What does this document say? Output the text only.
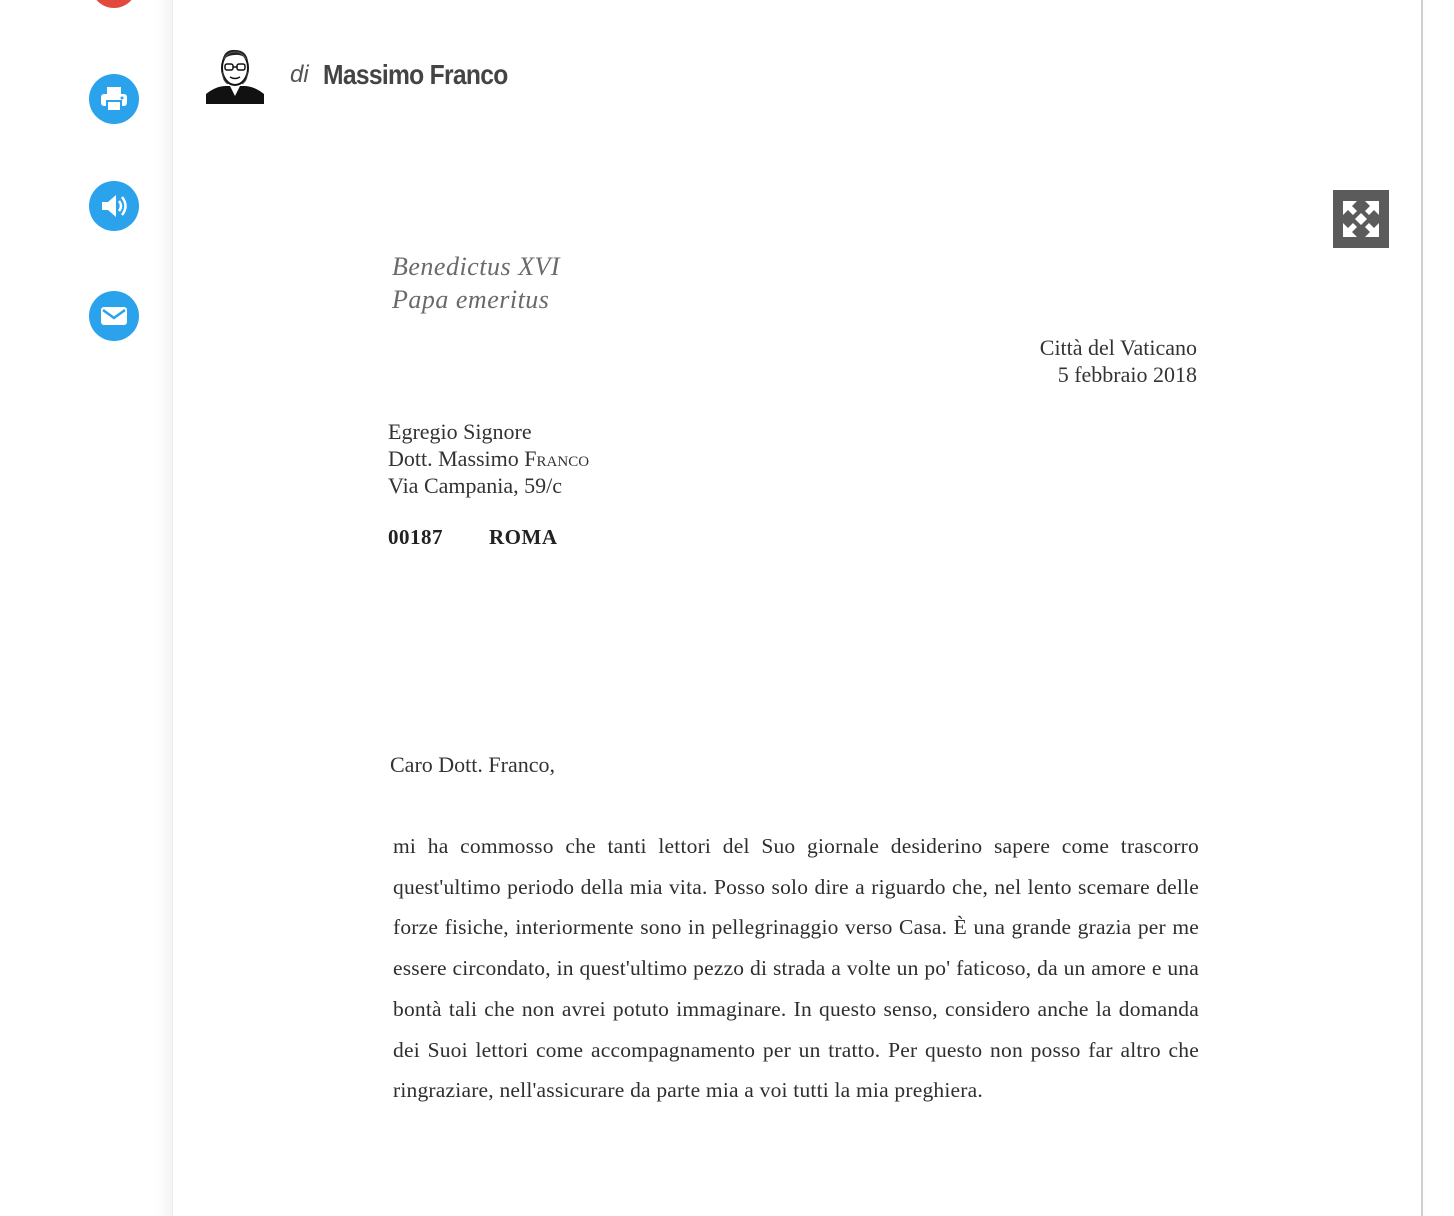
di Massimo Franco
Benedictus XVI
Papa emeritus
Città del Vaticano
5 febbraio 2018
Egregio Signore
Dott. Massimo Franco
Via Campania, 59/c
00187 ROMA
Caro Dott. Franco,
mi ha commosso che tanti lettori del Suo giornale desiderino sapere come trascorro quest'ultimo periodo della mia vita. Posso solo dire a riguardo che, nel lento scemare delle forze fisiche, interiormente sono in pellegrinaggio verso Casa. È una grande grazia per me essere circondato, in quest'ultimo pezzo di strada a volte un po' faticoso, da un amore e una bontà tali che non avrei potuto immaginare. In questo senso, considero anche la domanda dei Suoi lettori come accompagnamento per un tratto. Per questo non posso far altro che ringraziare, nell'assicurare da parte mia a voi tutti la mia preghiera.
